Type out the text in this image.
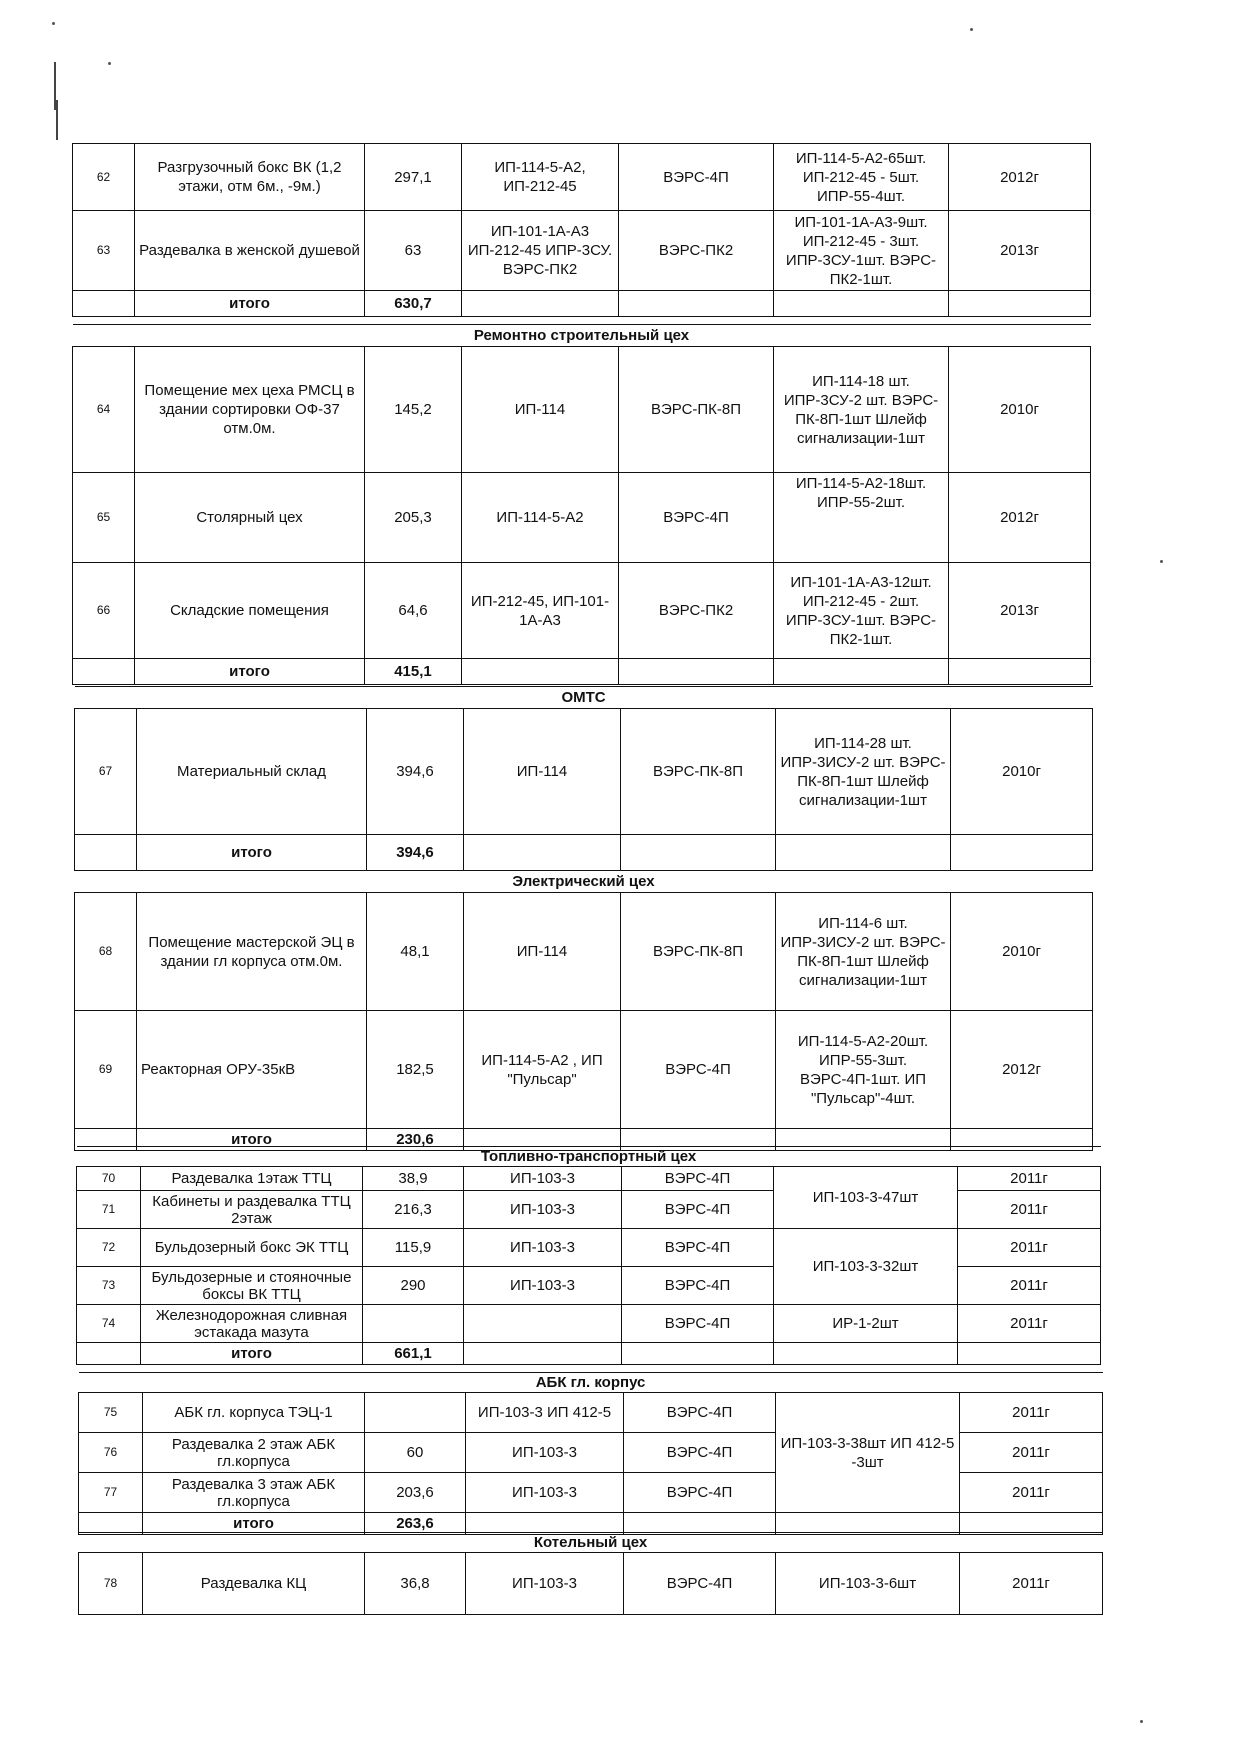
62	Разгрузочный бокс ВК (1,2 этажи, отм 6м., -9м.)	297,1	ИП-114-5-А2, ИП-212-45	ВЭРС-4П	ИП-114-5-А2-65шт. ИП-212-45 - 5шт. ИПР-55-4шт.	2012г
63	Раздевалка в женской душевой	63	ИП-101-1А-А3 ИП-212-45 ИПР-3СУ. ВЭРС-ПК2	ВЭРС-ПК2	ИП-101-1А-А3-9шт. ИП-212-45 - 3шт. ИПР-3СУ-1шт. ВЭРС-ПК2-1шт.	2013г
	итого	630,7				
Ремонтно строительный цех						
64	Помещение мех цеха РМСЦ в здании сортировки ОФ-37 отм.0м.	145,2	ИП-114	ВЭРС-ПК-8П	ИП-114-18 шт. ИПР-3СУ-2 шт. ВЭРС-ПК-8П-1шт Шлейф сигнализации-1шт	2010г
65	Столярный цех	205,3	ИП-114-5-А2	ВЭРС-4П	ИП-114-5-А2-18шт. ИПР-55-2шт.	2012г
66	Складские помещения	64,6	ИП-212-45, ИП-101-1А-А3	ВЭРС-ПК2	ИП-101-1А-А3-12шт. ИП-212-45 - 2шт. ИПР-3СУ-1шт. ВЭРС-ПК2-1шт.	2013г
	итого	415,1				
ОМТС						
67	Материальный склад	394,6	ИП-114	ВЭРС-ПК-8П	ИП-114-28 шт. ИПР-3ИСУ-2 шт. ВЭРС-ПК-8П-1шт Шлейф сигнализации-1шт	2010г
	итого	394,6				
Электрический цех						
68	Помещение мастерской ЭЦ в здании гл корпуса отм.0м.	48,1	ИП-114	ВЭРС-ПК-8П	ИП-114-6 шт. ИПР-3ИСУ-2 шт. ВЭРС-ПК-8П-1шт Шлейф сигнализации-1шт	2010г
69	Реакторная ОРУ-35кВ	182,5	ИП-114-5-А2 , ИП "Пульсар"	ВЭРС-4П	ИП-114-5-А2-20шт. ИПР-55-3шт. ВЭРС-4П-1шт. ИП "Пульсар"-4шт.	2012г
	итого	230,6				
Топливно-транспортный цех						
70	Раздевалка 1этаж ТТЦ	38,9	ИП-103-3	ВЭРС-4П	ИП-103-3-47шт	2011г
71	Кабинеты и раздевалка ТТЦ 2этаж	216,3	ИП-103-3	ВЭРС-4П		2011г
72	Бульдозерный бокс ЭК ТТЦ	115,9	ИП-103-3	ВЭРС-4П	ИП-103-3-32шт	2011г
73	Бульдозерные и стояночные боксы ВК ТТЦ	290	ИП-103-3	ВЭРС-4П		2011г
74	Железнодорожная сливная эстакада мазута			ВЭРС-4П	ИР-1-2шт	2011г
	итого	661,1				
АБК гл. корпус						
75	АБК гл. корпуса ТЭЦ-1		ИП-103-3 ИП 412-5	ВЭРС-4П	ИП-103-3-38шт ИП 412-5 -3шт	2011г
76	Раздевалка 2 этаж АБК гл.корпуса	60	ИП-103-3	ВЭРС-4П		2011г
77	Раздевалка 3 этаж АБК гл.корпуса	203,6	ИП-103-3	ВЭРС-4П		2011г
	итого	263,6				
Котельный цех
78	Раздевалка КЦ	36,8	ИП-103-3	ВЭРС-4П	ИП-103-3-6шт	2011г
